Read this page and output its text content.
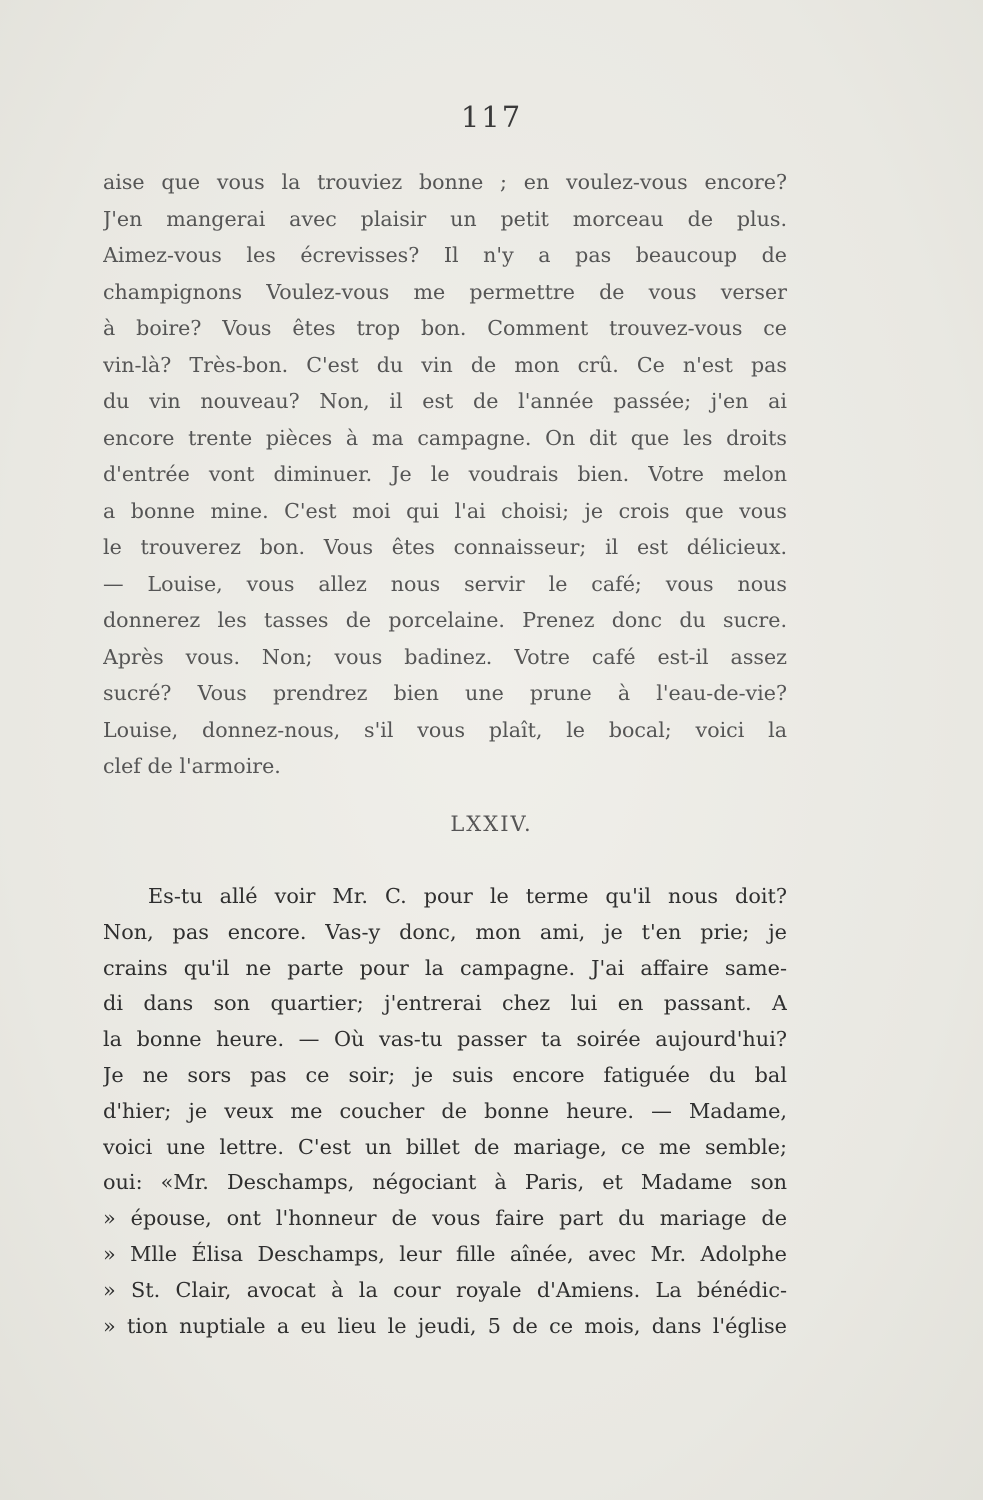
117
aise que vous la trouviez bonne ; en voulez-vous encore?
J'en mangerai avec plaisir un petit morceau de plus.
Aimez-vous les écrevisses? Il n'y a pas beaucoup de
champignons Voulez-vous me permettre de vous verser
à boire? Vous êtes trop bon. Comment trouvez-vous ce
vin-là? Très-bon. C'est du vin de mon crû. Ce n'est pas
du vin nouveau? Non, il est de l'année passée; j'en ai
encore trente pièces à ma campagne. On dit que les droits
d'entrée vont diminuer. Je le voudrais bien. Votre melon
a bonne mine. C'est moi qui l'ai choisi; je crois que vous
le trouverez bon. Vous êtes connaisseur; il est délicieux.
— Louise, vous allez nous servir le café; vous nous
donnerez les tasses de porcelaine. Prenez donc du sucre.
Après vous. Non; vous badinez. Votre café est-il assez
sucré? Vous prendrez bien une prune à l'eau-de-vie?
Louise, donnez-nous, s'il vous plaît, le bocal; voici la
clef de l'armoire.
LXXIV.
Es-tu allé voir Mr. C. pour le terme qu'il nous doit?
Non, pas encore. Vas-y donc, mon ami, je t'en prie; je
crains qu'il ne parte pour la campagne. J'ai affaire same-
di dans son quartier; j'entrerai chez lui en passant. A
la bonne heure. — Où vas-tu passer ta soirée aujourd'hui?
Je ne sors pas ce soir; je suis encore fatiguée du bal
d'hier; je veux me coucher de bonne heure. — Madame,
voici une lettre. C'est un billet de mariage, ce me semble;
oui: «Mr. Deschamps, négociant à Paris, et Madame son
» épouse, ont l'honneur de vous faire part du mariage de
» Mlle Élisa Deschamps, leur fille aînée, avec Mr. Adolphe
» St. Clair, avocat à la cour royale d'Amiens. La bénédic-
» tion nuptiale a eu lieu le jeudi, 5 de ce mois, dans l'église
